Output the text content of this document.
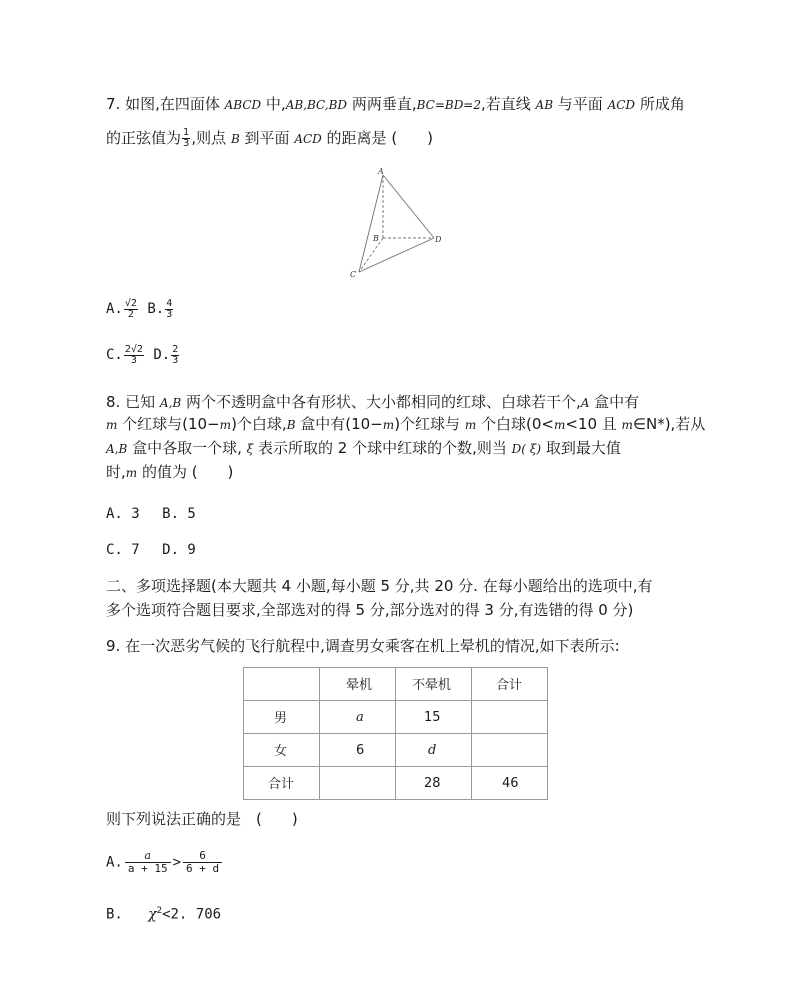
7. 如图,在四面体 ABCD 中,AB,BC,BD 两两垂直,BC=BD=2,若直线 AB 与平面 ACD 所成角
的正弦值为 $\frac{1}{3}$ ,则点 B 到平面 ACD 的距离是 (　　)
A
B
C
D
A. $\frac{√2}{2} B$. $\frac{4}{3}$
C. $\frac{2√2}{3} D$. $\frac{2}{3}$
8. 已知 A,B 两个不透明盒中各有形状、大小都相同的红球、白球若干个,A 盒中有
m 个红球与(10−m)个白球,B 盒中有(10−m)个红球与 m 个白球(0<m<10 且 m∈N*),若从
A,B 盒中各取一个球, ξ 表示所取的 2 个球中红球的个数,则当 D( ξ) 取到最大值
时,m 的值为 (　　)
A. 3　 B. 5
C. 7　 D. 9
二、多项选择题(本大题共 4 小题,每小题 5 分,共 20 分. 在每小题给出的选项中,有
多个选项符合题目要求,全部选对的得 5 分,部分选对的得 3 分,有选错的得 0 分)
9. 在一次恶劣气候的飞行航程中,调查男女乘客在机上晕机的情况,如下表所示:
	晕机	不晕机	合计
男	a	15	
女	6	d	
合计		28	46
则下列说法正确的是　(　　)
A. $\frac{a}{a + 15} > \frac{6}{6 + d}$
B. $\chi^2<2$. 706
